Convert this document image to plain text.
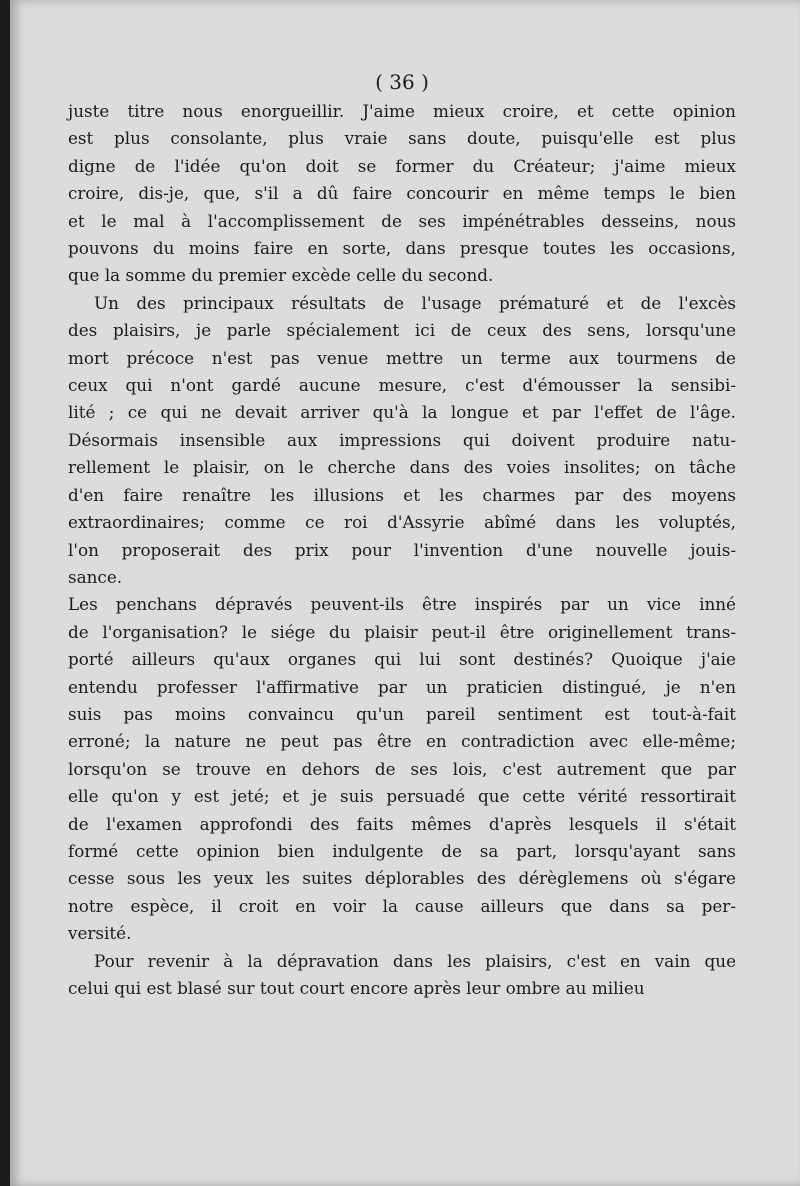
( 36 )
juste titre nous enorgueillir. J'aime mieux croire, et cette opinion
est plus consolante, plus vraie sans doute, puisqu'elle est plus
digne de l'idée qu'on doit se former du Créateur; j'aime mieux
croire, dis-je, que, s'il a dû faire concourir en même temps le bien
et le mal à l'accomplissement de ses impénétrables desseins, nous
pouvons du moins faire en sorte, dans presque toutes les occasions,
que la somme du premier excède celle du second.
Un des principaux résultats de l'usage prématuré et de l'excès
des plaisirs, je parle spécialement ici de ceux des sens, lorsqu'une
mort précoce n'est pas venue mettre un terme aux tourmens de
ceux qui n'ont gardé aucune mesure, c'est d'émousser la sensibi-
lité ; ce qui ne devait arriver qu'à la longue et par l'effet de l'âge.
Désormais insensible aux impressions qui doivent produire natu-
rellement le plaisir, on le cherche dans des voies insolites; on tâche
d'en faire renaître les illusions et les charmes par des moyens
extraordinaires; comme ce roi d'Assyrie abîmé dans les voluptés,
l'on proposerait des prix pour l'invention d'une nouvelle jouis-
sance.
Les penchans dépravés peuvent-ils être inspirés par un vice inné
de l'organisation? le siége du plaisir peut-il être originellement trans-
porté ailleurs qu'aux organes qui lui sont destinés? Quoique j'aie
entendu professer l'affirmative par un praticien distingué, je n'en
suis pas moins convaincu qu'un pareil sentiment est tout-à-fait
erroné; la nature ne peut pas être en contradiction avec elle-même;
lorsqu'on se trouve en dehors de ses lois, c'est autrement que par
elle qu'on y est jeté; et je suis persuadé que cette vérité ressortirait
de l'examen approfondi des faits mêmes d'après lesquels il s'était
formé cette opinion bien indulgente de sa part, lorsqu'ayant sans
cesse sous les yeux les suites déplorables des dérèglemens où s'égare
notre espèce, il croit en voir la cause ailleurs que dans sa per-
versité.
Pour revenir à la dépravation dans les plaisirs, c'est en vain que
celui qui est blasé sur tout court encore après leur ombre au milieu
